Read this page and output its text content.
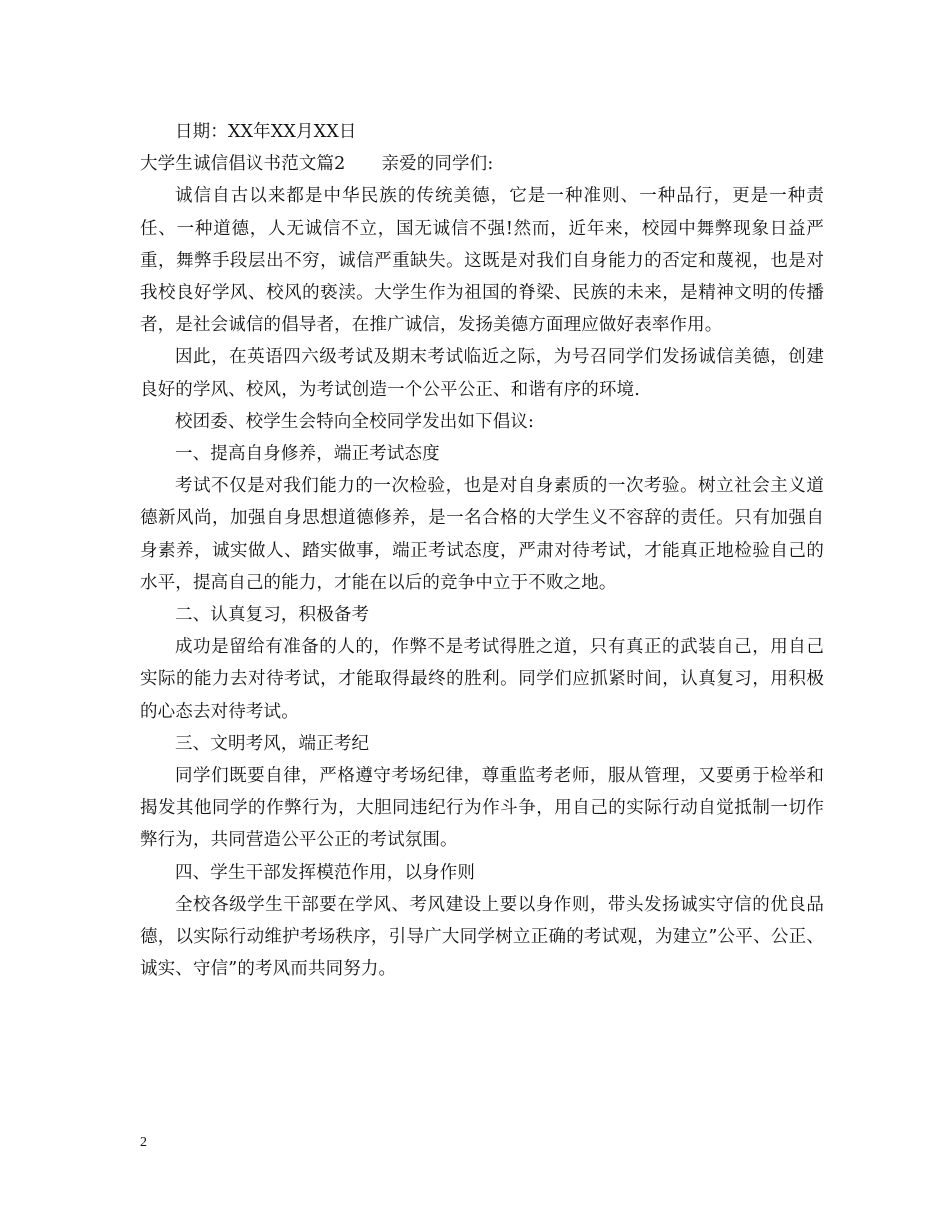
日期：XX年XX月XX日

大学生诚信倡议书范文篇2 亲爱的同学们:

诚信自古以来都是中华民族的传统美德，它是一种准则、一种品行，更是一种责任、一种道德，人无诚信不立，国无诚信不强!然而，近年来，校园中舞弊现象日益严重，舞弊手段层出不穷，诚信严重缺失。这既是对我们自身能力的否定和蔑视，也是对我校良好学风、校风的亵渎。大学生作为祖国的脊梁、民族的未来，是精神文明的传播者，是社会诚信的倡导者，在推广诚信，发扬美德方面理应做好表率作用。

因此，在英语四六级考试及期末考试临近之际，为号召同学们发扬诚信美德，创建良好的学风、校风，为考试创造一个公平公正、和谐有序的环境.

校团委、校学生会特向全校同学发出如下倡议:

一、提高自身修养，端正考试态度

考试不仅是对我们能力的一次检验，也是对自身素质的一次考验。树立社会主义道德新风尚，加强自身思想道德修养，是一名合格的大学生义不容辞的责任。只有加强自身素养，诚实做人、踏实做事，端正考试态度，严肃对待考试，才能真正地检验自己的水平，提高自己的能力，才能在以后的竞争中立于不败之地。

二、认真复习，积极备考

成功是留给有准备的人的，作弊不是考试得胜之道，只有真正的武装自己，用自己实际的能力去对待考试，才能取得最终的胜利。同学们应抓紧时间，认真复习，用积极的心态去对待考试。

三、文明考风，端正考纪

同学们既要自律，严格遵守考场纪律，尊重监考老师，服从管理，又要勇于检举和揭发其他同学的作弊行为，大胆同违纪行为作斗争，用自己的实际行动自觉抵制一切作弊行为，共同营造公平公正的考试氛围。

四、学生干部发挥模范作用，以身作则

全校各级学生干部要在学风、考风建设上要以身作则，带头发扬诚实守信的优良品德，以实际行动维护考场秩序，引导广大同学树立正确的考试观，为建立”公平、公正、诚实、守信”的考风而共同努力。

2
